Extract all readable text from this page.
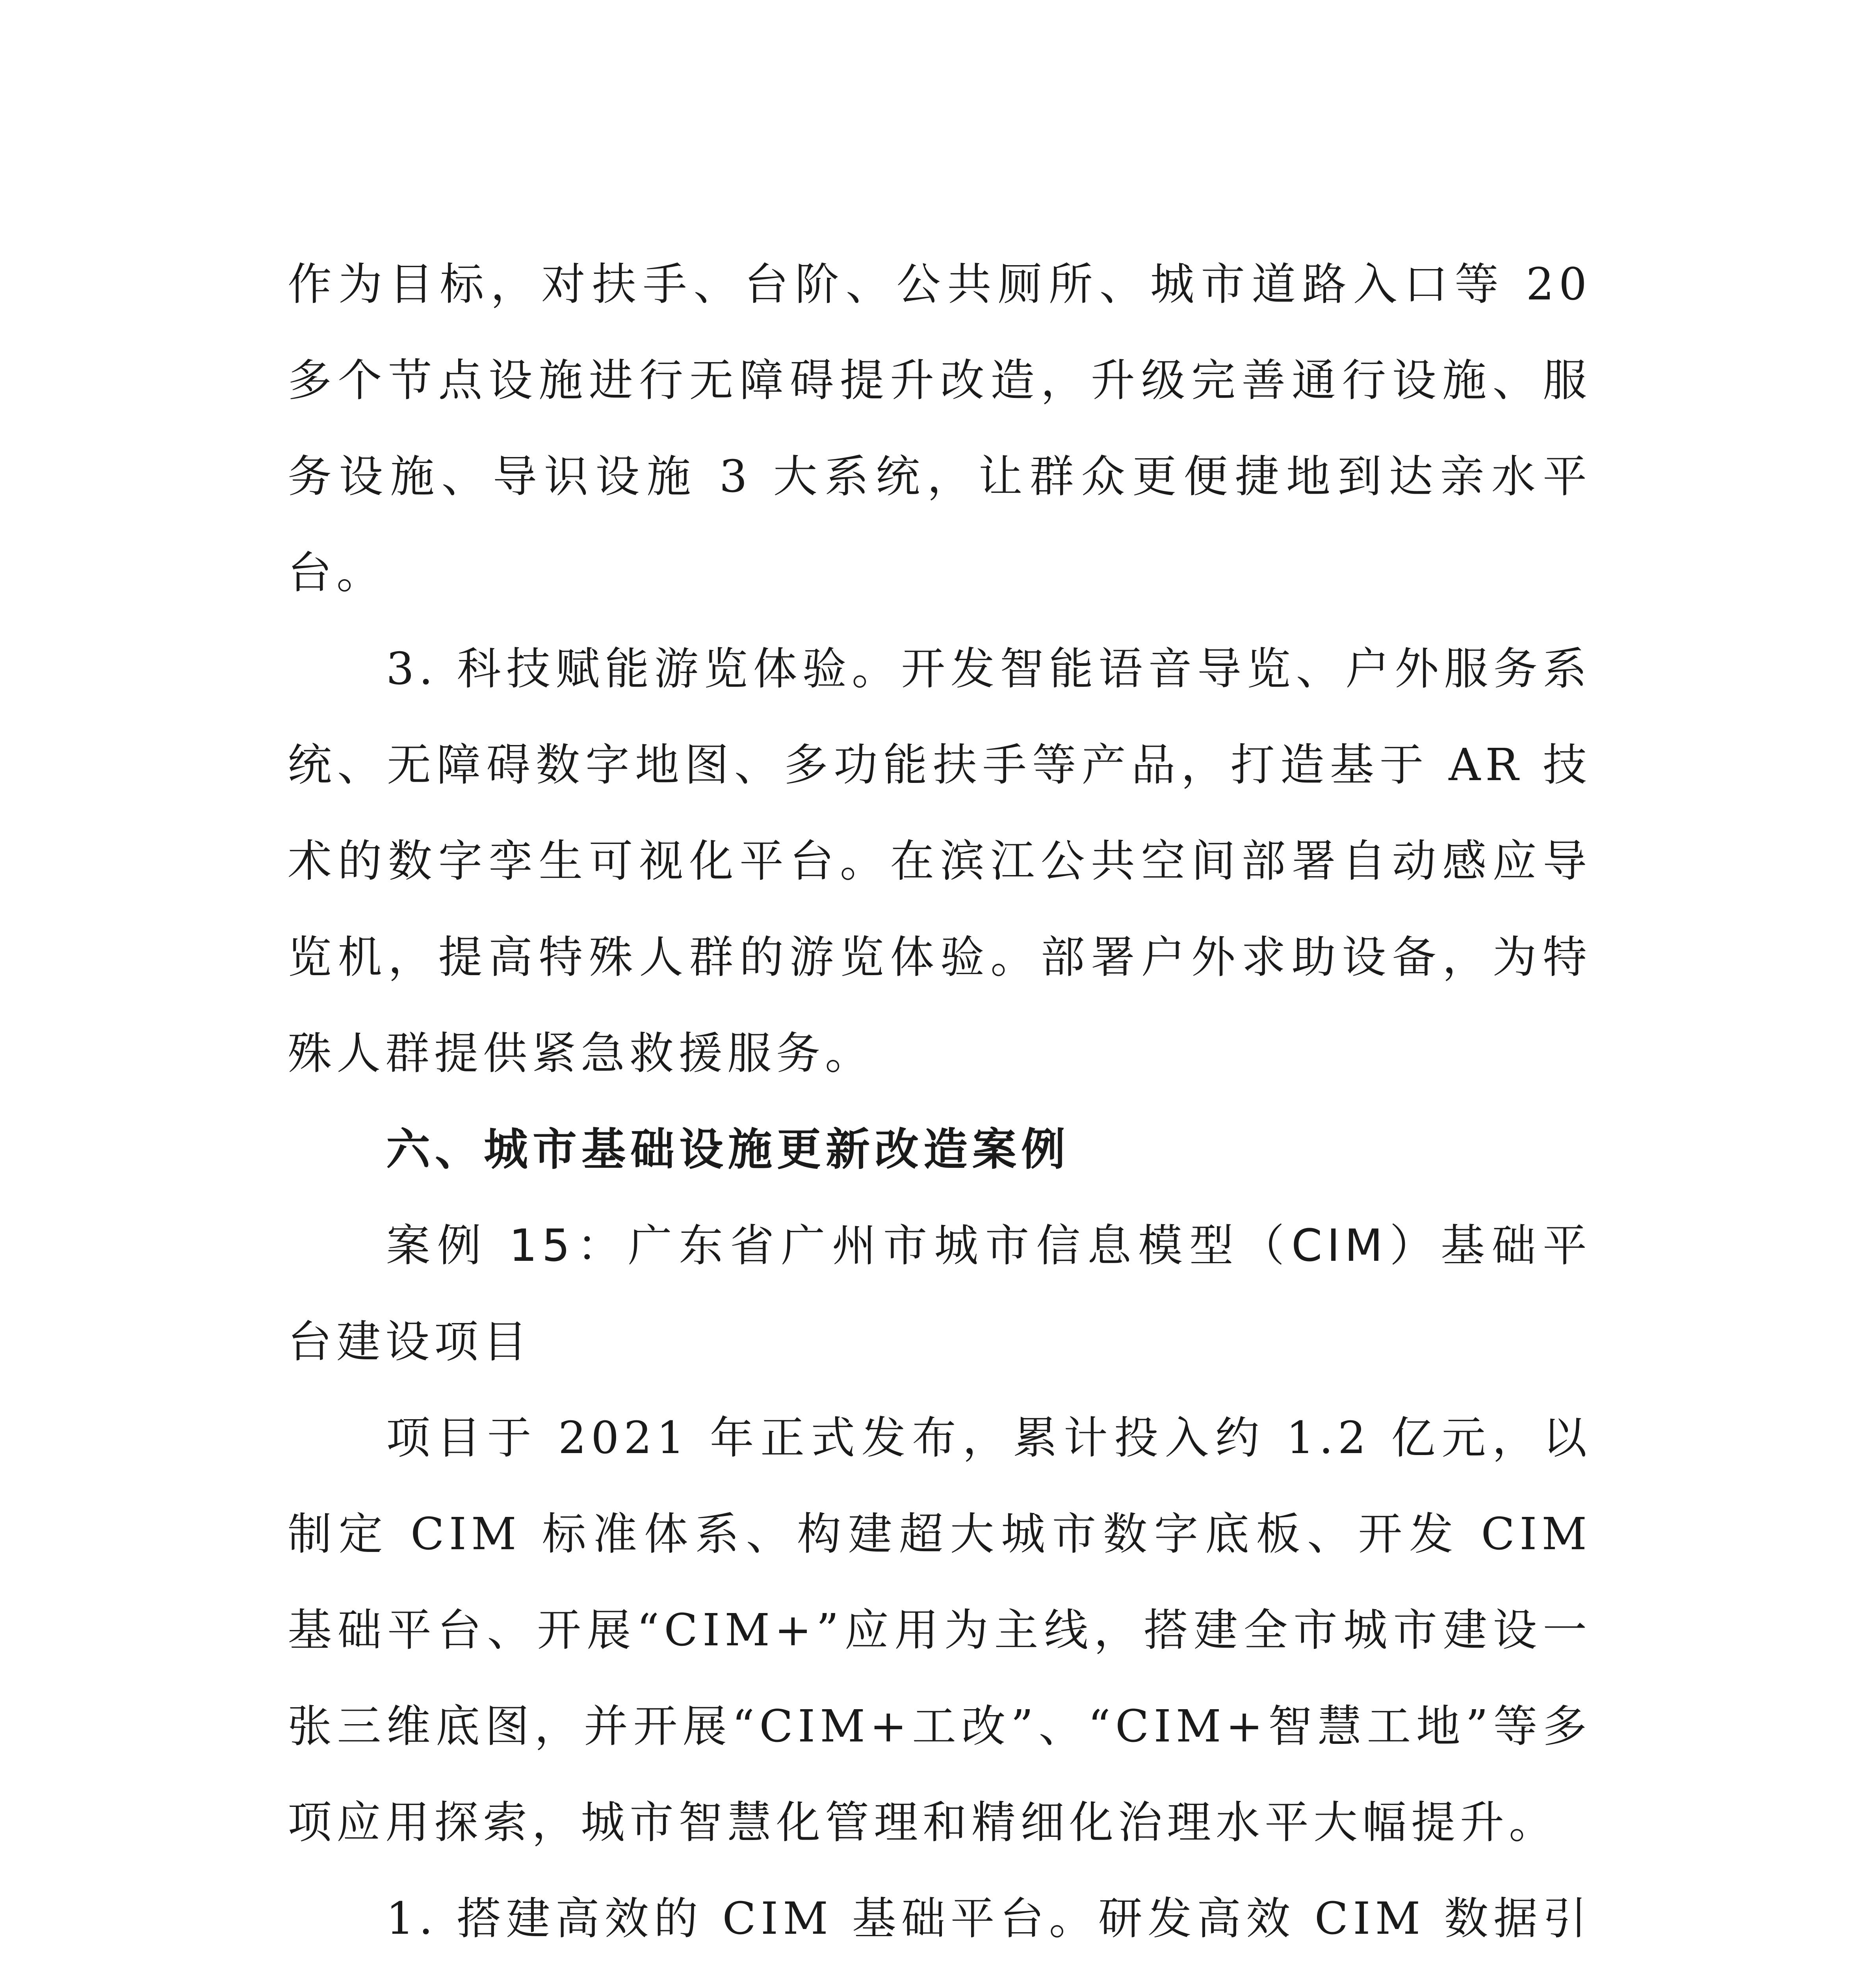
作为目标，对扶手、台阶、公共厕所、城市道路入口等 20 多个节点设施进行无障碍提升改造，升级完善通行设施、服务设施、导识设施 3 大系统，让群众更便捷地到达亲水平台。

3. 科技赋能游览体验。开发智能语音导览、户外服务系统、无障碍数字地图、多功能扶手等产品，打造基于 AR 技术的数字孪生可视化平台。在滨江公共空间部署自动感应导览机，提高特殊人群的游览体验。部署户外求助设备，为特殊人群提供紧急救援服务。

六、城市基础设施更新改造案例

案例 15：广东省广州市城市信息模型（CIM）基础平台建设项目

项目于 2021 年正式发布，累计投入约 1.2 亿元，以制定 CIM 标准体系、构建超大城市数字底板、开发 CIM 基础平台、开展“CIM+”应用为主线，搭建全市城市建设一张三维底图，并开展“CIM+工改”、“CIM+智慧工地”等多项应用探索，城市智慧化管理和精细化治理水平大幅提升。

1. 搭建高效的 CIM 基础平台。研发高效 CIM 数据引
